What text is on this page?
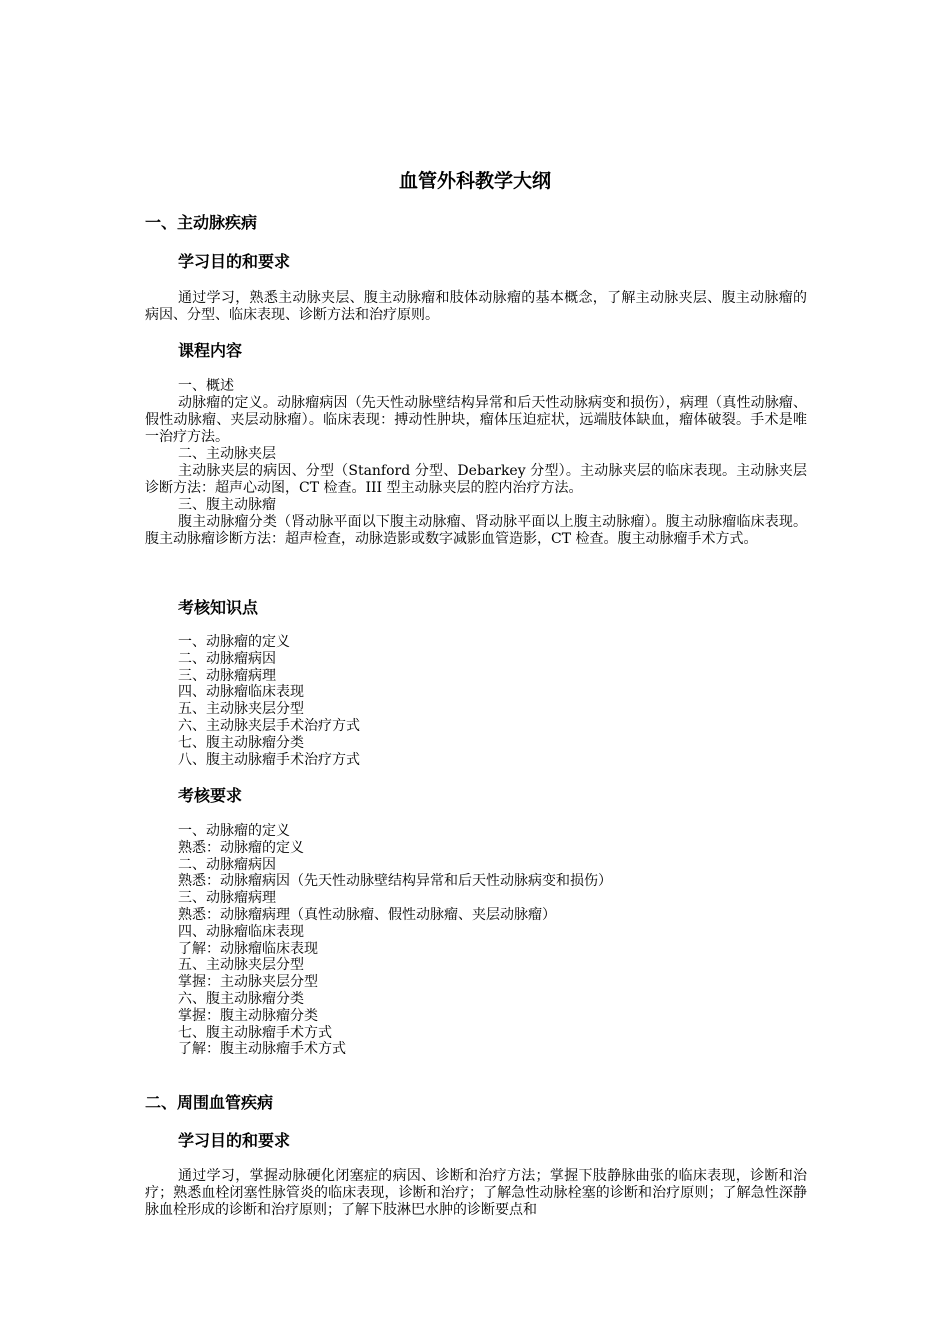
血管外科教学大纲
一、主动脉疾病
学习目的和要求
通过学习，熟悉主动脉夹层、腹主动脉瘤和肢体动脉瘤的基本概念，了解主动脉夹层、腹主动脉瘤的病因、分型、临床表现、诊断方法和治疗原则。
课程内容
一、概述
动脉瘤的定义。动脉瘤病因（先天性动脉壁结构异常和后天性动脉病变和损伤），病理（真性动脉瘤、假性动脉瘤、夹层动脉瘤）。临床表现：搏动性肿块，瘤体压迫症状，远端肢体缺血，瘤体破裂。手术是唯一治疗方法。
二、主动脉夹层
主动脉夹层的病因、分型（Stanford 分型、Debarkey 分型）。主动脉夹层的临床表现。主动脉夹层诊断方法：超声心动图，CT 检查。III 型主动脉夹层的腔内治疗方法。
三、腹主动脉瘤
腹主动脉瘤分类（肾动脉平面以下腹主动脉瘤、肾动脉平面以上腹主动脉瘤）。腹主动脉瘤临床表现。腹主动脉瘤诊断方法：超声检查，动脉造影或数字减影血管造影，CT 检查。腹主动脉瘤手术方式。
考核知识点
一、动脉瘤的定义
二、动脉瘤病因
三、动脉瘤病理
四、动脉瘤临床表现
五、主动脉夹层分型
六、主动脉夹层手术治疗方式
七、腹主动脉瘤分类
八、腹主动脉瘤手术治疗方式
考核要求
一、动脉瘤的定义
熟悉：动脉瘤的定义
二、动脉瘤病因
熟悉：动脉瘤病因（先天性动脉壁结构异常和后天性动脉病变和损伤）
三、动脉瘤病理
熟悉：动脉瘤病理（真性动脉瘤、假性动脉瘤、夹层动脉瘤）
四、动脉瘤临床表现
了解：动脉瘤临床表现
五、主动脉夹层分型
掌握：主动脉夹层分型
六、腹主动脉瘤分类
掌握：腹主动脉瘤分类
七、腹主动脉瘤手术方式
了解：腹主动脉瘤手术方式
二、周围血管疾病
学习目的和要求
通过学习，掌握动脉硬化闭塞症的病因、诊断和治疗方法；掌握下肢静脉曲张的临床表现，诊断和治疗；熟悉血栓闭塞性脉管炎的临床表现，诊断和治疗；了解急性动脉栓塞的诊断和治疗原则；了解急性深静脉血栓形成的诊断和治疗原则；了解下肢淋巴水肿的诊断要点和
